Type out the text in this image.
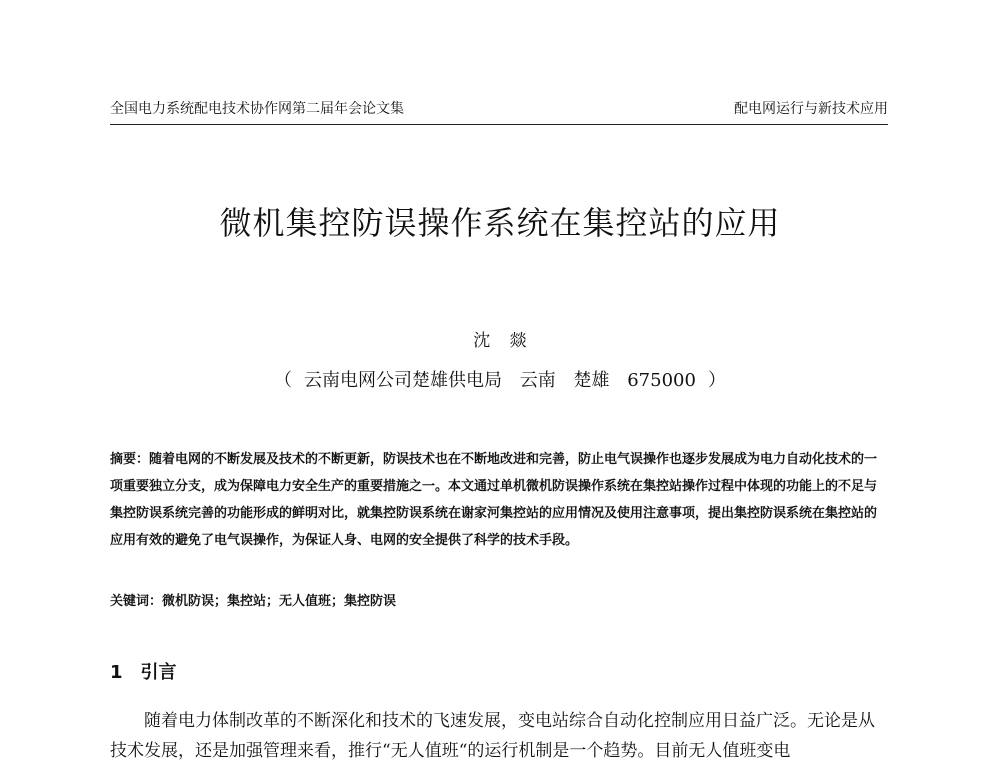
全国电力系统配电技术协作网第二届年会论文集	配电网运行与新技术应用
微机集控防误操作系统在集控站的应用
沈 燚
（ 云南电网公司楚雄供电局 云南 楚雄 675000 ）
摘要：随着电网的不断发展及技术的不断更新，防误技术也在不断地改进和完善，防止电气误操作也逐步发展成为电力自动化技术的一项重要独立分支，成为保障电力安全生产的重要措施之一。本文通过单机微机防误操作系统在集控站操作过程中体现的功能上的不足与集控防误系统完善的功能形成的鲜明对比，就集控防误系统在谢家河集控站的应用情况及使用注意事项，提出集控防误系统在集控站的应用有效的避免了电气误操作，为保证人身、电网的安全提供了科学的技术手段。
关键词：微机防误；集控站；无人值班；集控防误
1 引言
随着电力体制改革的不断深化和技术的飞速发展，变电站综合自动化控制应用日益广泛。无论是从技术发展，还是加强管理来看，推行“无人值班“的运行机制是一个趋势。目前无人值班变电
